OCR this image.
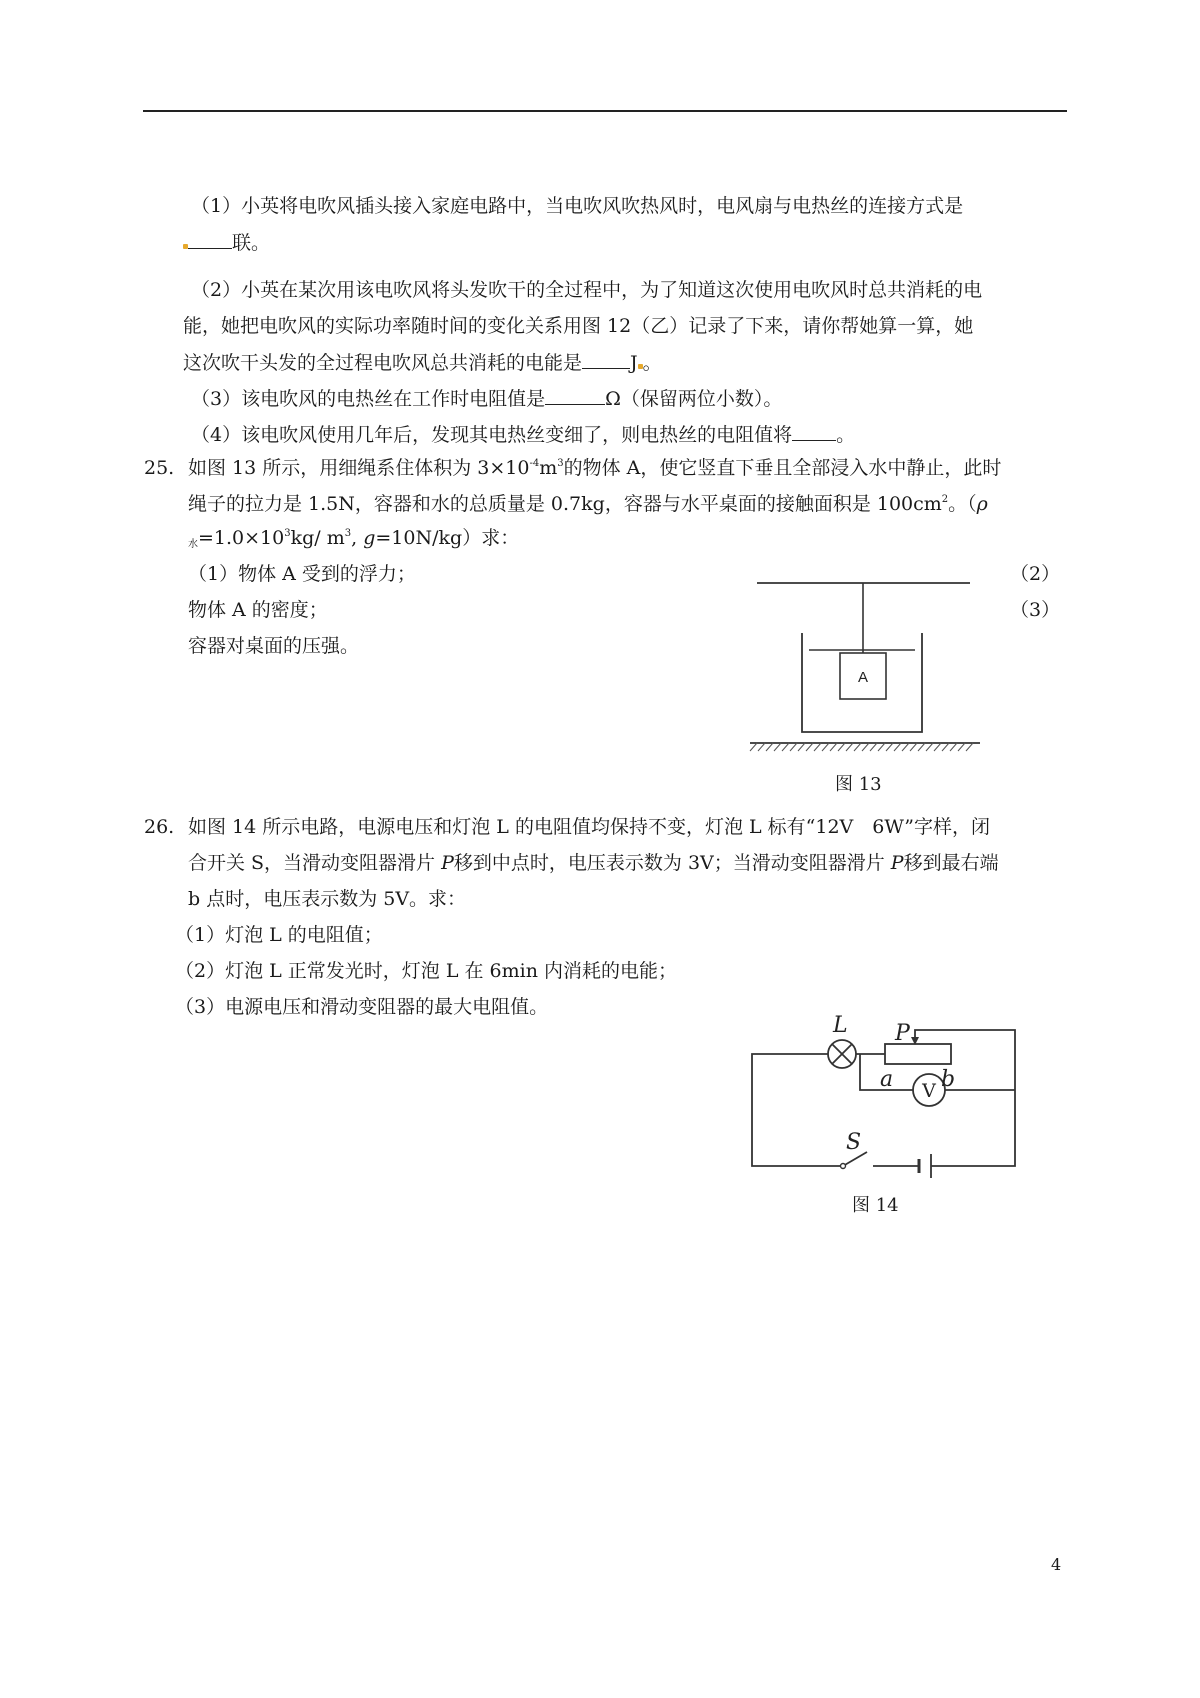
（1）小英将电吹风插头接入家庭电路中，当电吹风吹热风时，电风扇与电热丝的连接方式是
联。
（2）小英在某次用该电吹风将头发吹干的全过程中，为了知道这次使用电吹风时总共消耗的电
能，她把电吹风的实际功率随时间的变化关系用图 12（乙）记录了下来，请你帮她算一算，她
这次吹干头发的全过程电吹风总共消耗的电能是	J 。
（3）该电吹风的电热丝在工作时电阻值是	Ω（保留两位小数）。
（4）该电吹风使用几年后，发现其电热丝变细了，则电热丝的电阻值将 。
25. 如图 13 所示，用细绳系住体积为 $3\times 10^{-4}m^3$的物体 A，使它竖直下垂且全部浸入水中静止，此时
绳子的拉力是 1.5N，容器和水的总质量是 0.7kg，容器与水平桌面的接触面积是 $100cm^2$。（ρ
$_水=1.0\times 10^3kg/$ $m^3$, g=10N/kg）求：
（1）物体 A 受到的浮力；	（2）
物体 A 的密度；	（3）
容器对桌面的压强。
A
图 13
26. 如图 14 所示电路，电源电压和灯泡 L 的电阻值均保持不变，灯泡 L 标有“12V　6W”字样，闭
合开关 S，当滑动变阻器滑片 P移到中点时，电压表示数为 3V；当滑动变阻器滑片 P移到最右端
b 点时，电压表示数为 5V。求：
（1）灯泡 L 的电阻值；
（2）灯泡 L 正常发光时，灯泡 L 在 6min 内消耗的电能；
（3）电源电压和滑动变阻器的最大电阻值。
L P
a b
S
V
图 14
4
